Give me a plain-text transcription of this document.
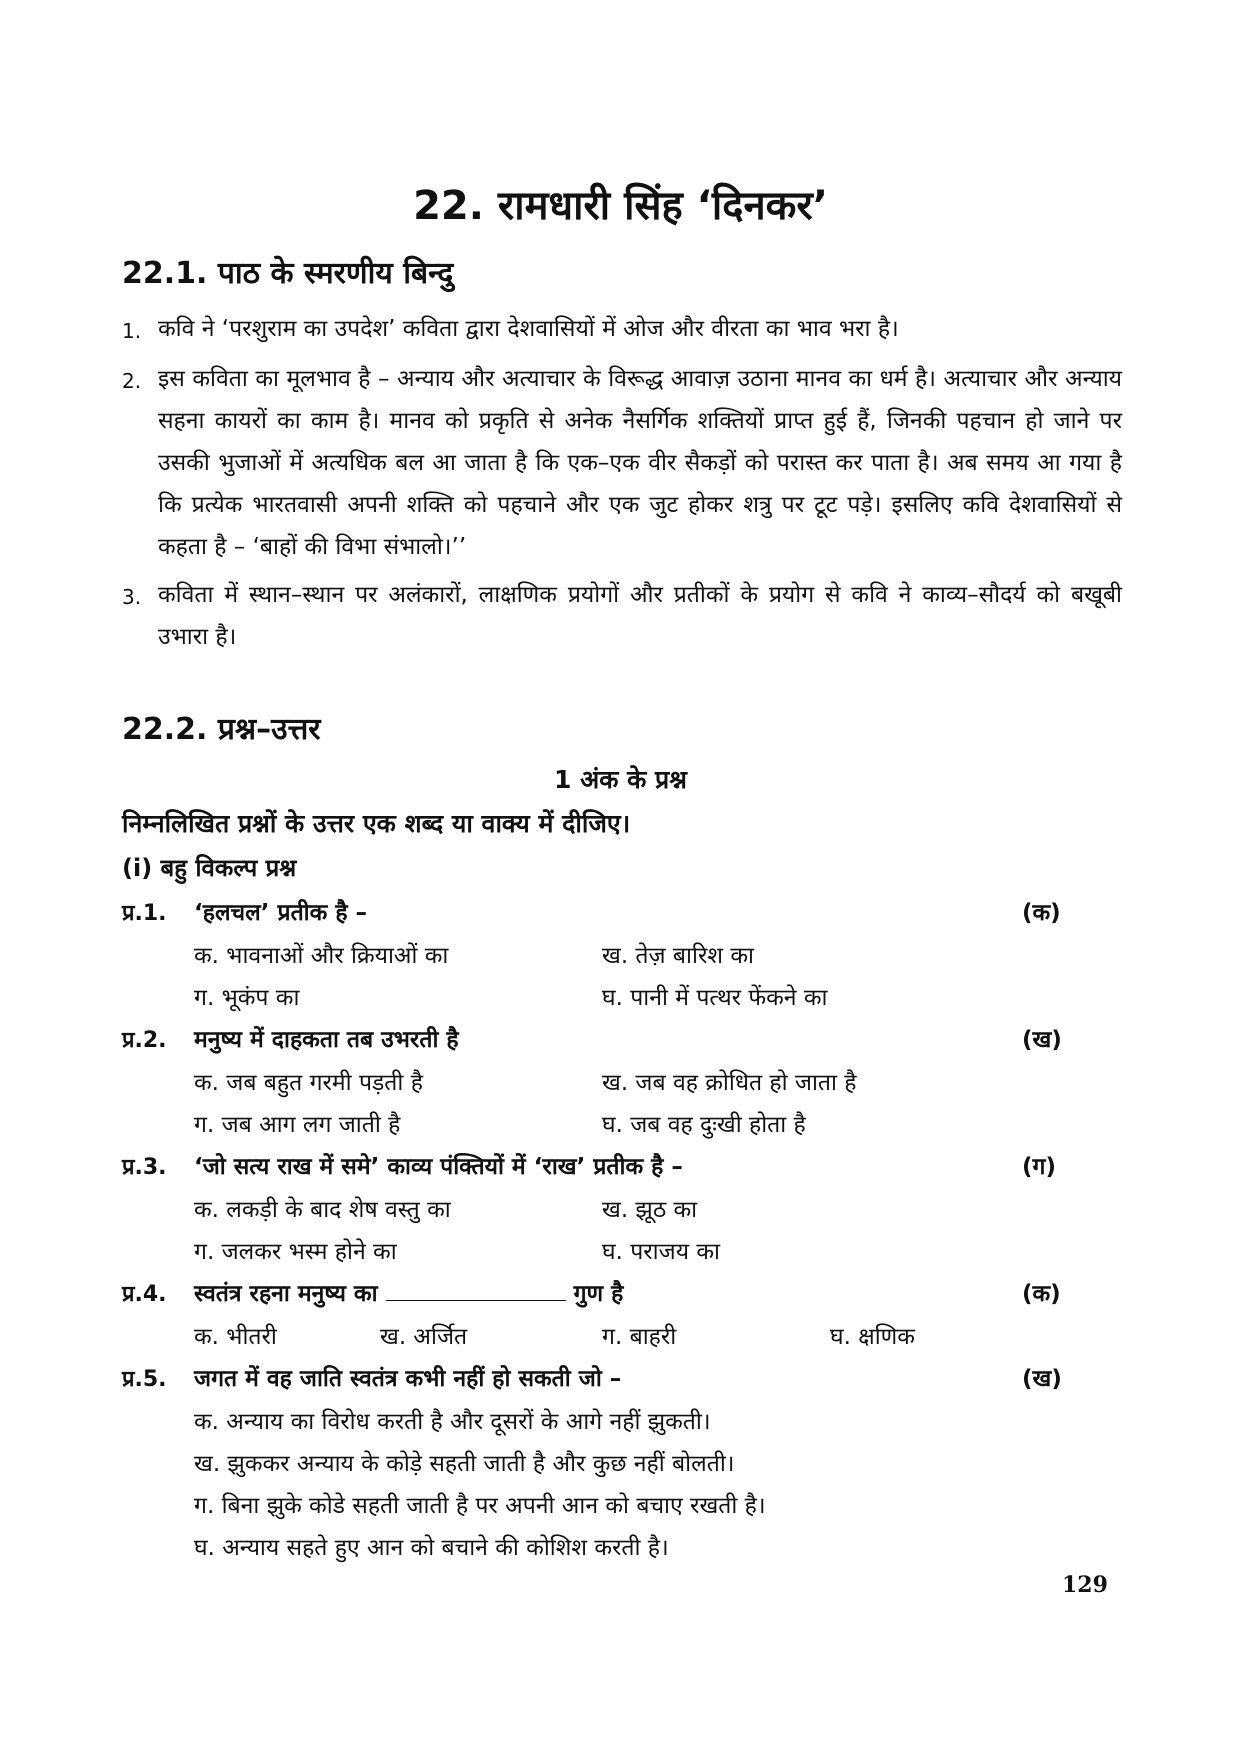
22. रामधारी सिंह ‘दिनकर’
22.1. पाठ के स्मरणीय बिन्दु
1. कवि ने ‘परशुराम का उपदेश’ कविता द्वारा देशवासियों में ओज और वीरता का भाव भरा है।
2. इस कविता का मूलभाव है – अन्याय और अत्याचार के विरूद्ध आवाज़ उठाना मानव का धर्म है। अत्याचार और अन्याय सहना कायरों का काम है। मानव को प्रकृति से अनेक नैसर्गिक शक्तियों प्राप्त हुई हैं, जिनकी पहचान हो जाने पर उसकी भुजाओं में अत्यधिक बल आ जाता है कि एक–एक वीर सैकड़ों को परास्त कर पाता है। अब समय आ गया है कि प्रत्येक भारतवासी अपनी शक्ति को पहचाने और एक जुट होकर शत्रु पर टूट पड़े। इसलिए कवि देशवासियों से कहता है – ‘बाहों की विभा संभालो।’’
3. कविता में स्थान–स्थान पर अलंकारों, लाक्षणिक प्रयोगों और प्रतीकों के प्रयोग से कवि ने काव्य–सौदर्य को बखूबी उभारा है।
22.2. प्रश्न–उत्तर
1 अंक के प्रश्न
निम्नलिखित प्रश्नों के उत्तर एक शब्द या वाक्य में दीजिए।
(i) बहु विकल्प प्रश्न
प्र.1.	‘हलचल’ प्रतीक है –	(क)
क. भावनाओं और क्रियाओं का	ख. तेज़ बारिश का
ग. भूकंप का	घ. पानी में पत्थर फेंकने का
प्र.2.	मनुष्य में दाहकता तब उभरती है	(ख)
क. जब बहुत गरमी पड़ती है	ख. जब वह क्रोधित हो जाता है
ग. जब आग लग जाती है	घ. जब वह दुःखी होता है
प्र.3.	‘जो सत्य राख में समे’ काव्य पंक्तियों में ‘राख’ प्रतीक है –	(ग)
क. लकड़ी के बाद शेष वस्तु का	ख. झूठ का
ग. जलकर भस्म होने का	घ. पराजय का
प्र.4.	स्वतंत्र रहना मनुष्य का	गुण है	(क)
क. भीतरी	ख. अर्जित	ग. बाहरी	घ. क्षणिक
प्र.5.	जगत में वह जाति स्वतंत्र कभी नहीं हो सकती जो –	(ख)
क. अन्याय का विरोध करती है और दूसरों के आगे नहीं झुकती।
ख. झुककर अन्याय के कोड़े सहती जाती है और कुछ नहीं बोलती।
ग. बिना झुके कोडे सहती जाती है पर अपनी आन को बचाए रखती है।
घ. अन्याय सहते हुए आन को बचाने की कोशिश करती है।
129
